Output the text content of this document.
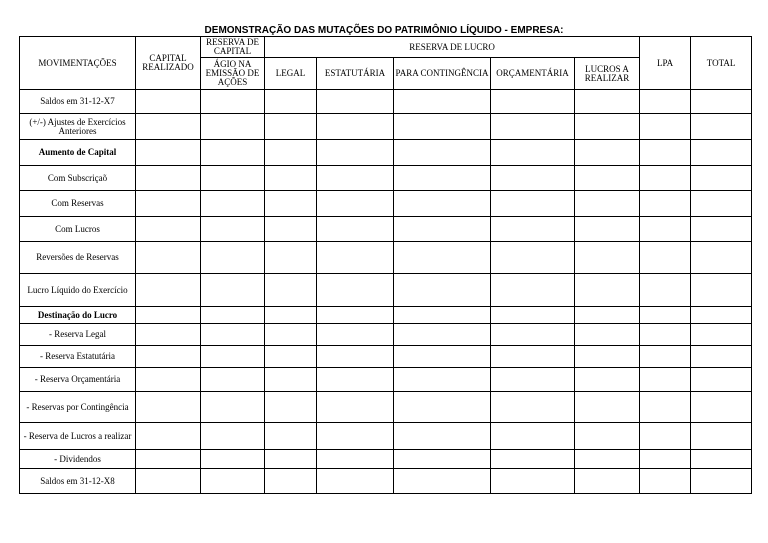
DEMONSTRAÇÃO DAS MUTAÇÕES DO PATRIMÔNIO LÍQUIDO - EMPRESA:
MOVIMENTAÇÕES	CAPITAL REALIZADO	RESERVA DE CAPITAL	RESERVA DE LUCRO					LPA	TOTAL
		ÁGIO NA EMISSÃO DE AÇÕES	LEGAL	ESTATUTÁRIA	PARA CONTINGÊNCIA	ORÇAMENTÁRIA	LUCROS A REALIZAR		
Saldos em 31-12-X7									
(+/-) Ajustes de Exercícios Anteriores									
Aumento de Capital									
Com Subscriçaõ									
Com Reservas									
Com Lucros									
Reversões de Reservas									
Lucro Líquido do Exercício									
Destinação do Lucro									
- Reserva Legal									
- Reserva Estatutária									
- Reserva Orçamentária									
- Reservas por Contingência									
- Reserva de Lucros a realizar									
- Dividendos									
Saldos em 31-12-X8									
